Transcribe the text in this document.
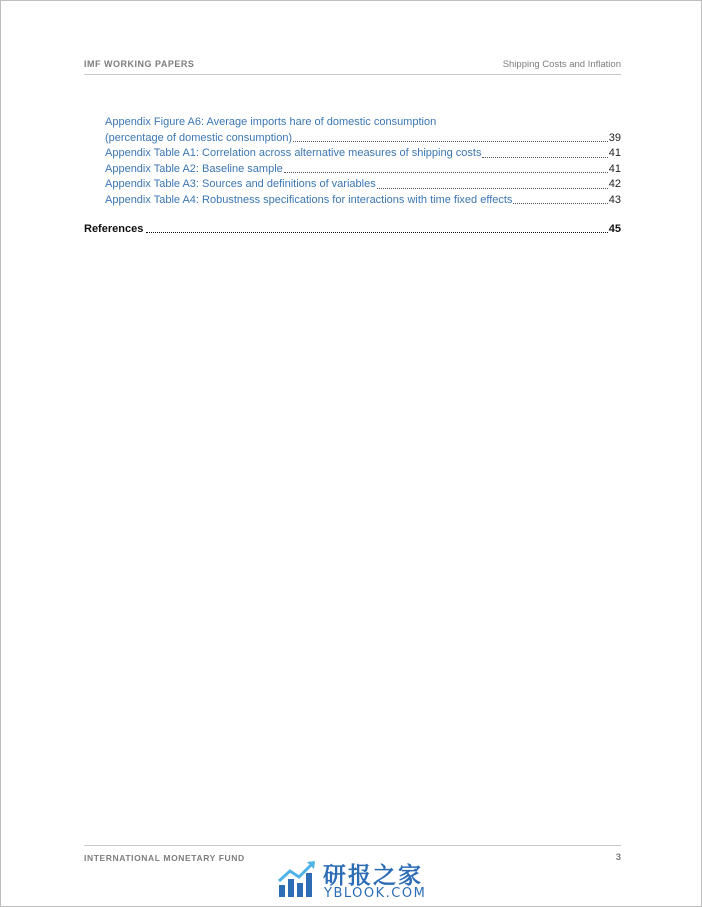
IMF WORKING PAPERS	Shipping Costs and Inflation
Appendix Figure A6: Average imports hare of domestic consumption
(percentage of domestic consumption)	39
Appendix Table A1: Correlation across alternative measures of shipping costs	41
Appendix Table A2: Baseline sample	41
Appendix Table A3: Sources and definitions of variables	42
Appendix Table A4: Robustness specifications for interactions with time fixed effects	43
References	45
INTERNATIONAL MONETARY FUND	3
研报之家
YBLOOK.COM
